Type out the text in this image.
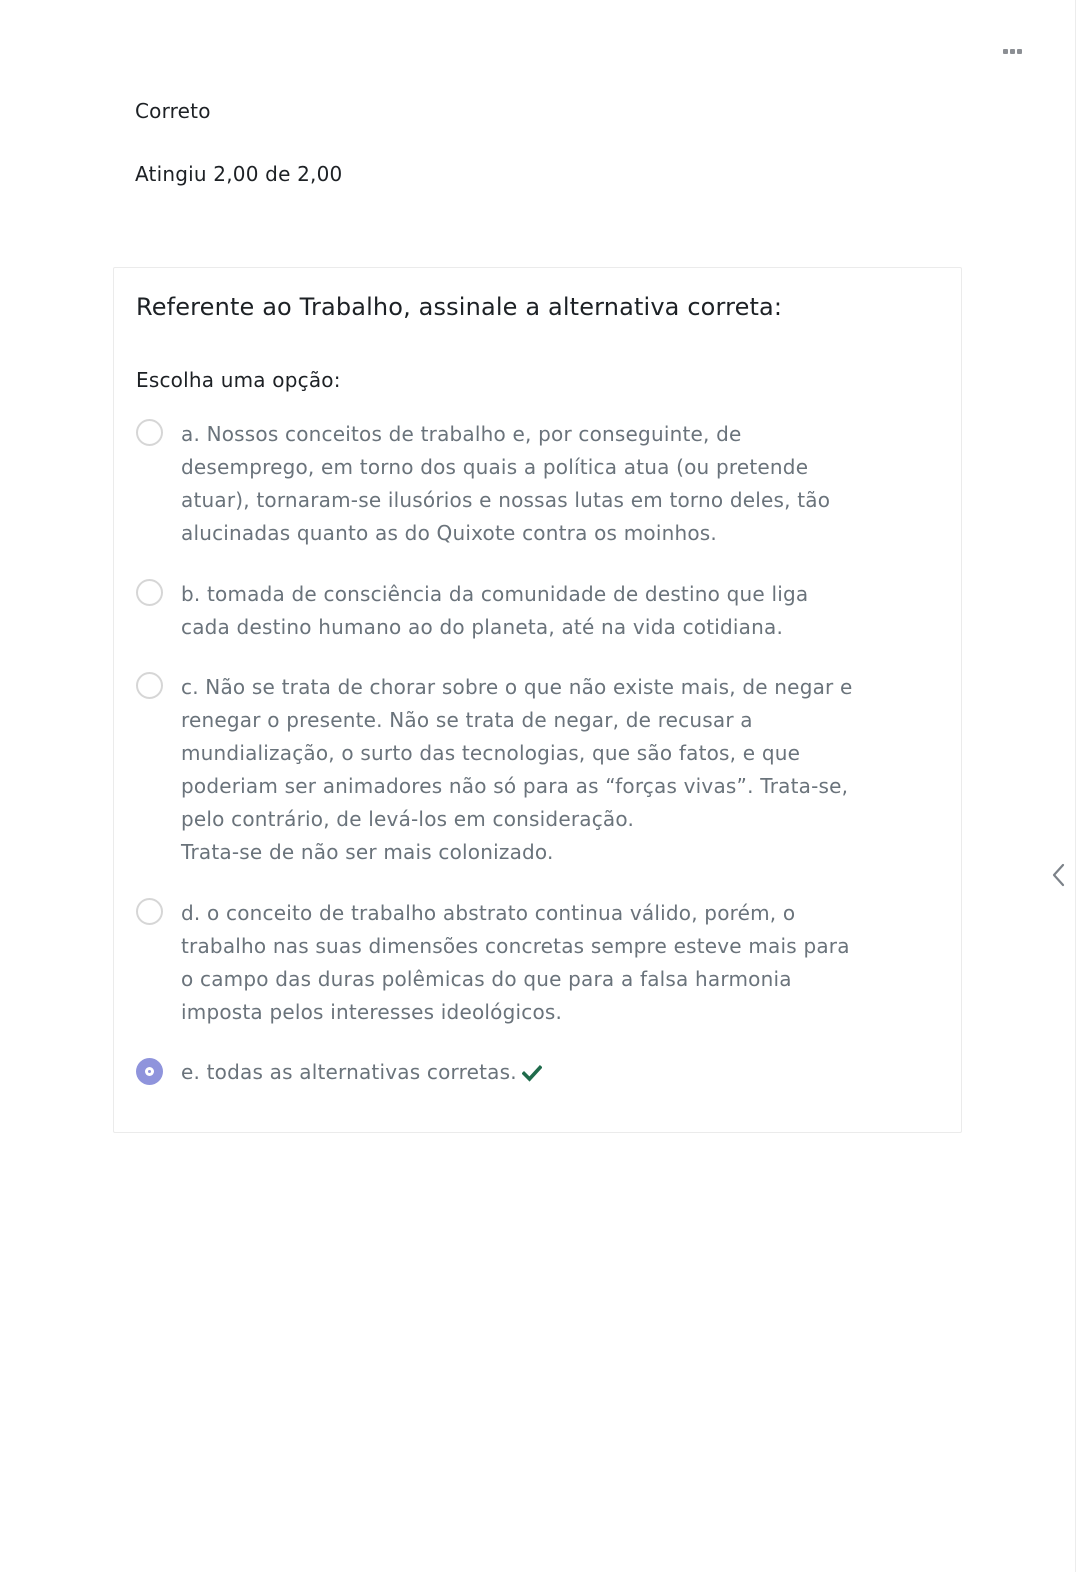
Correto
Atingiu 2,00 de 2,00
Referente ao Trabalho, assinale a alternativa correta:
Escolha uma opção:
a. Nossos conceitos de trabalho e, por conseguinte, de
desemprego, em torno dos quais a política atua (ou pretende
atuar), tornaram-se ilusórios e nossas lutas em torno deles, tão
alucinadas quanto as do Quixote contra os moinhos.
b. tomada de consciência da comunidade de destino que liga
cada destino humano ao do planeta, até na vida cotidiana.
c. Não se trata de chorar sobre o que não existe mais, de negar e
renegar o presente. Não se trata de negar, de recusar a
mundialização, o surto das tecnologias, que são fatos, e que
poderiam ser animadores não só para as “forças vivas”. Trata-se,
pelo contrário, de levá-los em consideração.
Trata-se de não ser mais colonizado.
d. o conceito de trabalho abstrato continua válido, porém, o
trabalho nas suas dimensões concretas sempre esteve mais para
o campo das duras polêmicas do que para a falsa harmonia
imposta pelos interesses ideológicos.
e. todas as alternativas corretas.
